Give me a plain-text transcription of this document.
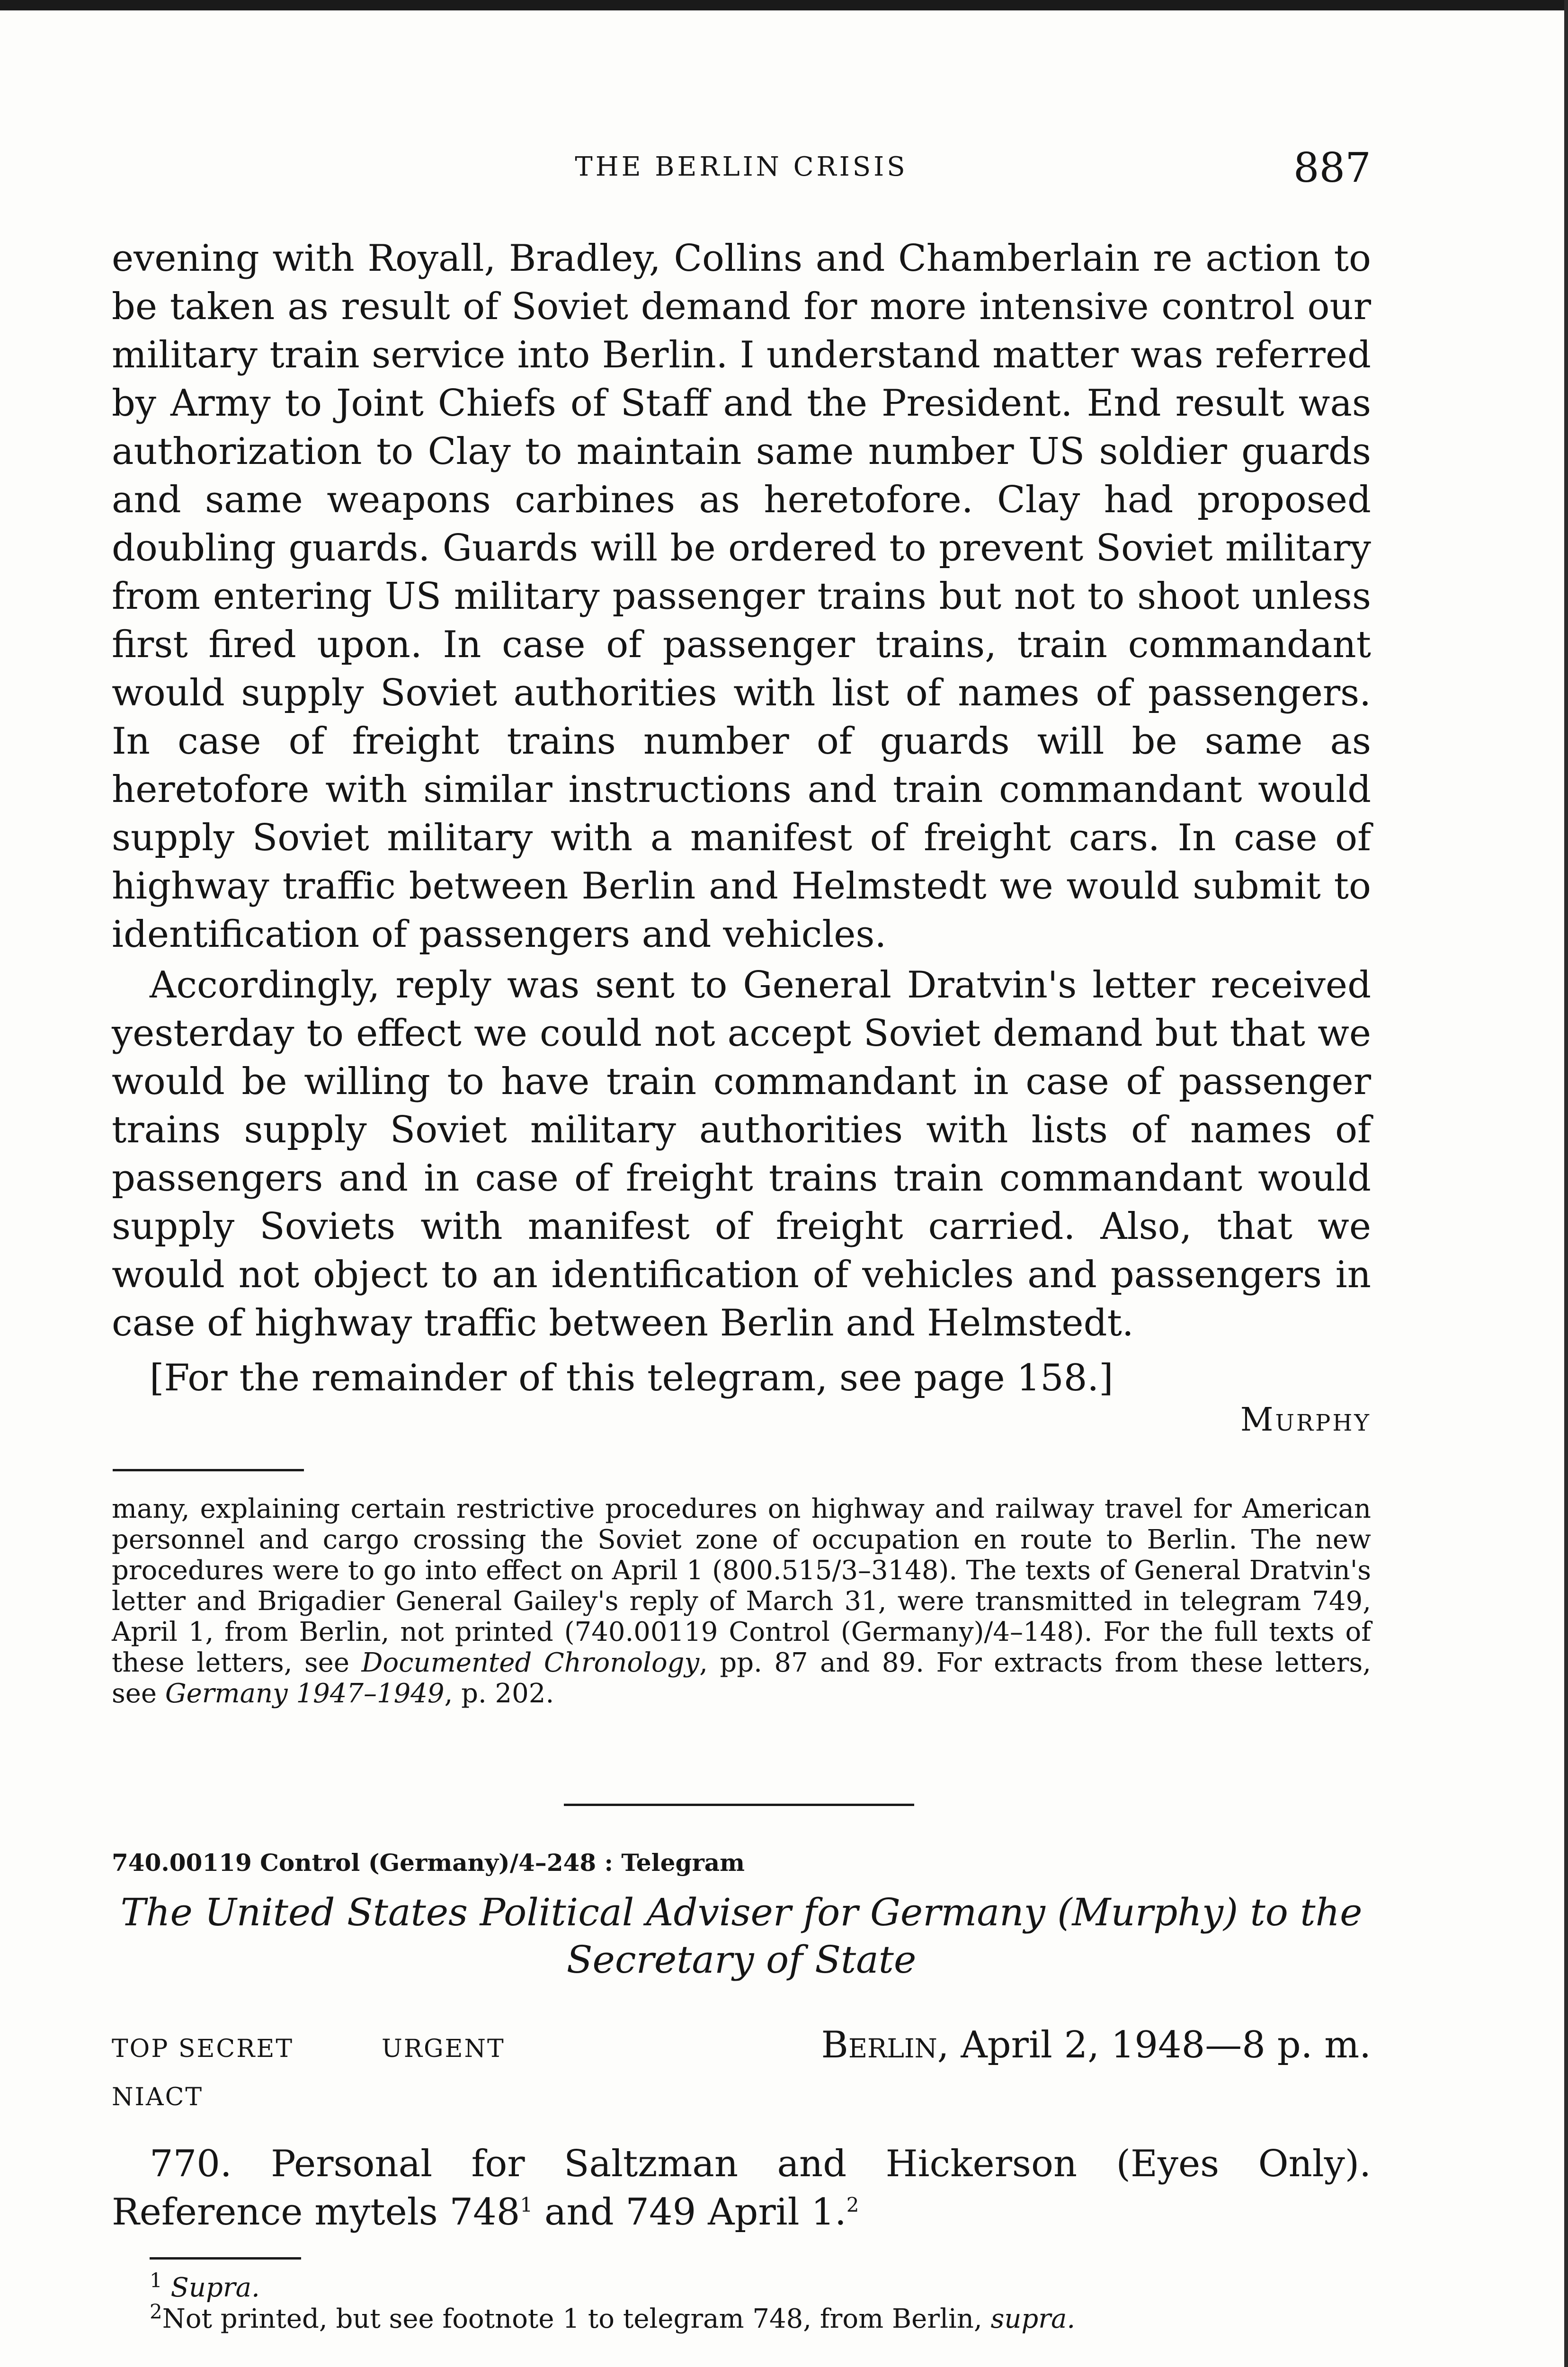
THE BERLIN CRISIS	887
evening with Royall, Bradley, Collins and Chamberlain re action to be taken as result of Soviet demand for more intensive control our military train service into Berlin. I understand matter was referred by Army to Joint Chiefs of Staff and the President. End result was authorization to Clay to maintain same number US soldier guards and same weapons carbines as heretofore. Clay had proposed doubling guards. Guards will be ordered to prevent Soviet military from entering US military passenger trains but not to shoot unless first fired upon. In case of passenger trains, train commandant would supply Soviet authorities with list of names of passengers. In case of freight trains number of guards will be same as heretofore with similar instructions and train commandant would supply Soviet military with a manifest of freight cars. In case of highway traffic between Berlin and Helmstedt we would submit to identification of passengers and vehicles.
Accordingly, reply was sent to General Dratvin's letter received yesterday to effect we could not accept Soviet demand but that we would be willing to have train commandant in case of passenger trains supply Soviet military authorities with lists of names of passengers and in case of freight trains train commandant would supply Soviets with manifest of freight carried. Also, that we would not object to an identification of vehicles and passengers in case of highway traffic between Berlin and Helmstedt.
[For the remainder of this telegram, see page 158.]
Murphy
many, explaining certain restrictive procedures on highway and railway travel for American personnel and cargo crossing the Soviet zone of occupation en route to Berlin. The new procedures were to go into effect on April 1 (800.515/3–3148). The texts of General Dratvin's letter and Brigadier General Gailey's reply of March 31, were transmitted in telegram 749, April 1, from Berlin, not printed (740.00119 Control (Germany)/4–148). For the full texts of these letters, see Documented Chronology, pp. 87 and 89. For extracts from these letters, see Germany 1947–1949, p. 202.
740.00119 Control (Germany)/4–248 : Telegram
The United States Political Adviser for Germany (Murphy) to the Secretary of State
TOP SECRET	URGENT	Berlin, April 2, 1948—8 p. m.
NIACT
770. Personal for Saltzman and Hickerson (Eyes Only). Reference mytels $748^1$ and 749 April 1.$^2$
$^1$ Supra.
$^2$Not printed, but see footnote 1 to telegram 748, from Berlin, supra.
